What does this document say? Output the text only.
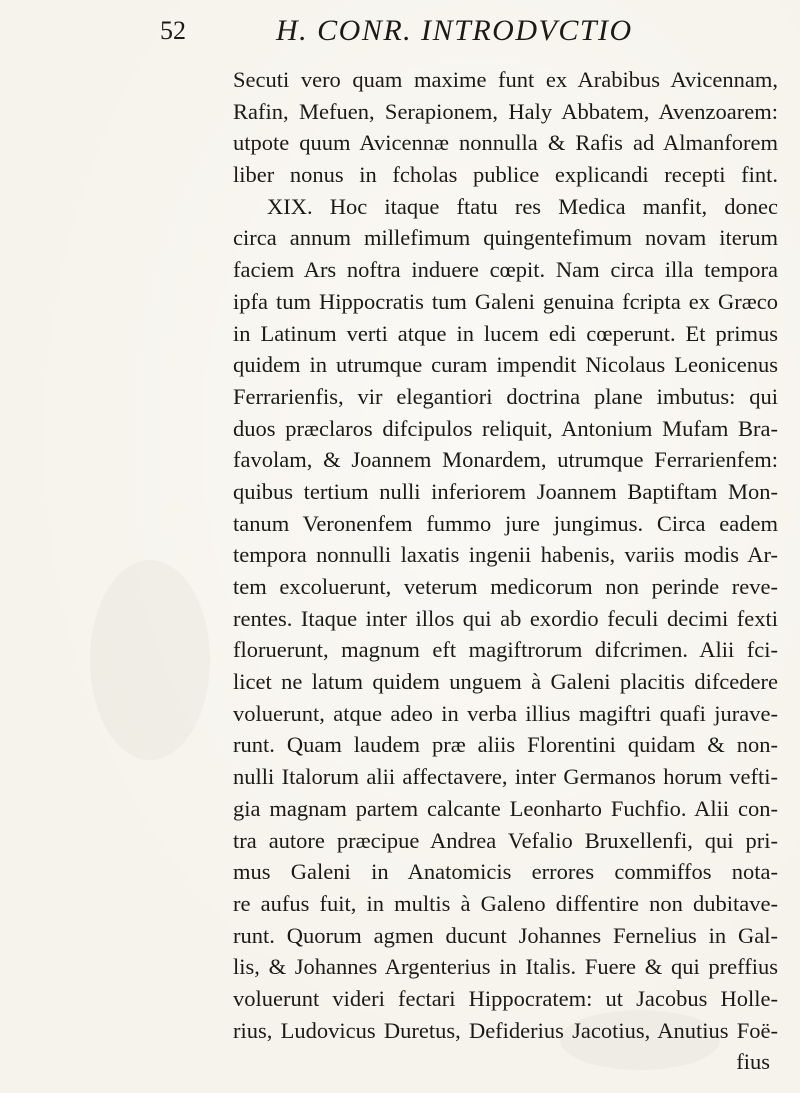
52	H. CONR. INTRODVCTIO
Secuti vero quam maxime funt ex Arabibus Avicennam,
Rafin, Mefuen, Serapionem, Haly Abbatem, Avenzoarem:
utpote quum Avicennæ nonnulla & Rafis ad Almanforem
liber nonus in fcholas publice explicandi recepti fint.
XIX. Hoc itaque ftatu res Medica manfit, donec
circa annum millefimum quingentefimum novam iterum
faciem Ars noftra induere cœpit. Nam circa illa tempora
ipfa tum Hippocratis tum Galeni genuina fcripta ex Græco
in Latinum verti atque in lucem edi cœperunt. Et primus
quidem in utrumque curam impendit Nicolaus Leonicenus
Ferrarienfis, vir elegantiori doctrina plane imbutus: qui
duos præclaros difcipulos reliquit, Antonium Mufam Bra-
favolam, & Joannem Monardem, utrumque Ferrarienfem:
quibus tertium nulli inferiorem Joannem Baptiftam Mon-
tanum Veronenfem fummo jure jungimus. Circa eadem
tempora nonnulli laxatis ingenii habenis, variis modis Ar-
tem excoluerunt, veterum medicorum non perinde reve-
rentes. Itaque inter illos qui ab exordio feculi decimi fexti
floruerunt, magnum eft magiftrorum difcrimen. Alii fci-
licet ne latum quidem unguem à Galeni placitis difcedere
voluerunt, atque adeo in verba illius magiftri quafi jurave-
runt. Quam laudem præ aliis Florentini quidam & non-
nulli Italorum alii affectavere, inter Germanos horum vefti-
gia magnam partem calcante Leonharto Fuchfio. Alii con-
tra autore præcipue Andrea Vefalio Bruxellenfi, qui pri-
mus Galeni in Anatomicis errores commiffos nota-
re aufus fuit, in multis à Galeno diffentire non dubitave-
runt. Quorum agmen ducunt Johannes Fernelius in Gal-
lis, & Johannes Argenterius in Italis. Fuere & qui preffius
voluerunt videri fectari Hippocratem: ut Jacobus Holle-
rius, Ludovicus Duretus, Defiderius Jacotius, Anutius Foë-
fius
